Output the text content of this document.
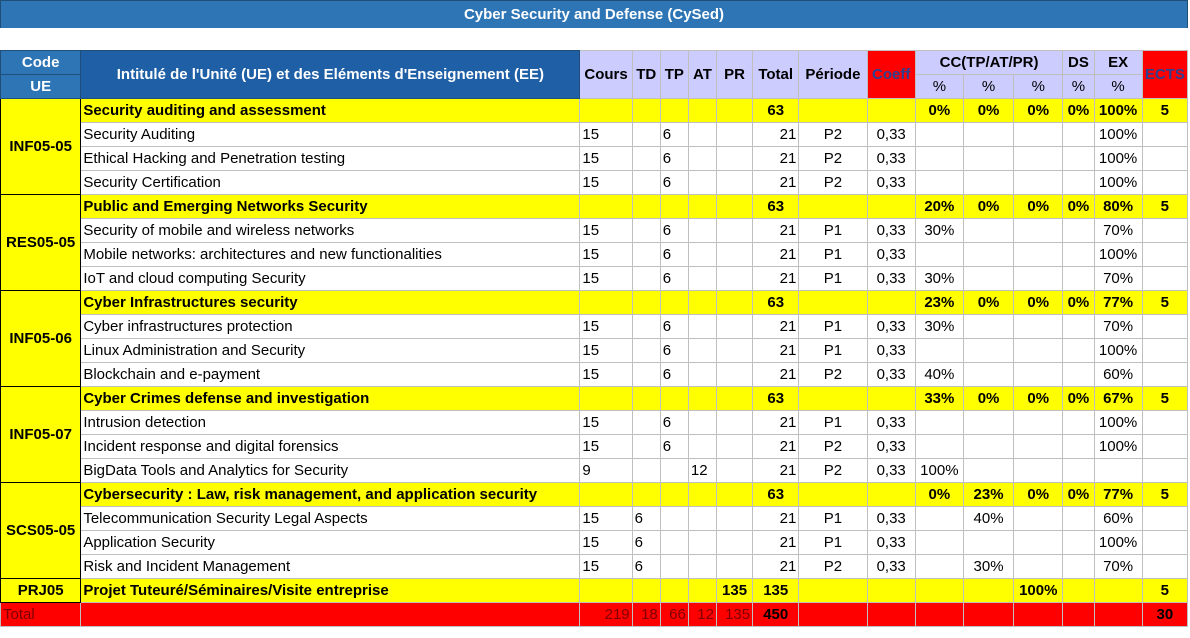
Cyber Security and Defense (CySed)
Code	Intitulé de l'Unité (UE) et des Eléments d'Enseignement (EE)	Cours	TD	TP	AT	PR	Total	Période	Coeff	CC(TP/AT/PR)			DS	EX	ECTS
UE										%	%	%	%	%	
INF05-05	Security auditing and assessment						63			0%	0%	0%	0%	100%	5
	Security Auditing	15		6			21	P2	0,33					100%	
	Ethical Hacking and Penetration testing	15		6			21	P2	0,33					100%	
	Security Certification	15		6			21	P2	0,33					100%	
RES05-05	Public and Emerging Networks Security						63			20%	0%	0%	0%	80%	5
	Security of mobile and wireless networks	15		6			21	P1	0,33	30%				70%	
	Mobile networks: architectures and new functionalities	15		6			21	P1	0,33					100%	
	IoT and cloud computing Security	15		6			21	P1	0,33	30%				70%	
INF05-06	Cyber Infrastructures security						63			23%	0%	0%	0%	77%	5
	Cyber infrastructures protection	15		6			21	P1	0,33	30%				70%	
	Linux Administration and Security	15		6			21	P1	0,33					100%	
	Blockchain and e-payment	15		6			21	P2	0,33	40%				60%	
INF05-07	Cyber Crimes defense and investigation						63			33%	0%	0%	0%	67%	5
	Intrusion detection	15		6			21	P1	0,33					100%	
	Incident response and digital forensics	15		6			21	P2	0,33					100%	
	BigData Tools and Analytics for Security	9			12		21	P2	0,33	100%					
SCS05-05	Cybersecurity : Law, risk management, and application security						63			0%	23%	0%	0%	77%	5
	Telecommunication Security Legal Aspects	15	6				21	P1	0,33		40%			60%	
	Application Security	15	6				21	P1	0,33					100%	
	Risk and Incident Management	15	6				21	P2	0,33		30%			70%	
PRJ05	Projet Tuteuré/Séminaires/Visite entreprise					135	135					100%			5
Total		219	18	66	12	135	450								30
